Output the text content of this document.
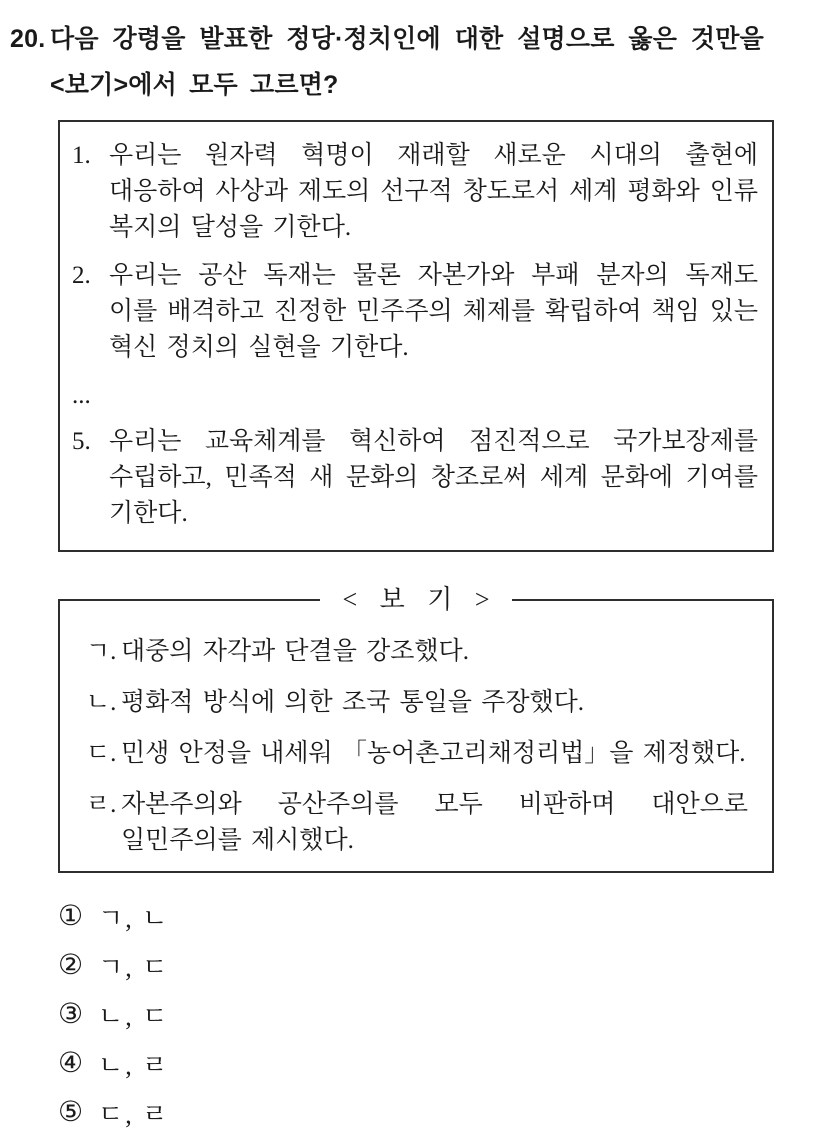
20. 다음 강령을 발표한 정당·정치인에 대한 설명으로 옳은 것만을 <보기>에서 모두 고르면?
1. 우리는 원자력 혁명이 재래할 새로운 시대의 출현에 대응하여 사상과 제도의 선구적 창도로서 세계 평화와 인류 복지의 달성을 기한다.
2. 우리는 공산 독재는 물론 자본가와 부패 분자의 독재도 이를 배격하고 진정한 민주주의 체제를 확립하여 책임 있는 혁신 정치의 실현을 기한다.
...
5. 우리는 교육체계를 혁신하여 점진적으로 국가보장제를 수립하고, 민족적 새 문화의 창조로써 세계 문화에 기여를 기한다.
< 보 기 >
ㄱ. 대중의 자각과 단결을 강조했다.
ㄴ. 평화적 방식에 의한 조국 통일을 주장했다.
ㄷ. 민생 안정을 내세워 「농어촌고리채정리법」을 제정했다.
ㄹ. 자본주의와 공산주의를 모두 비판하며 대안으로 일민주의를 제시했다.
① ㄱ, ㄴ
② ㄱ, ㄷ
③ ㄴ, ㄷ
④ ㄴ, ㄹ
⑤ ㄷ, ㄹ
